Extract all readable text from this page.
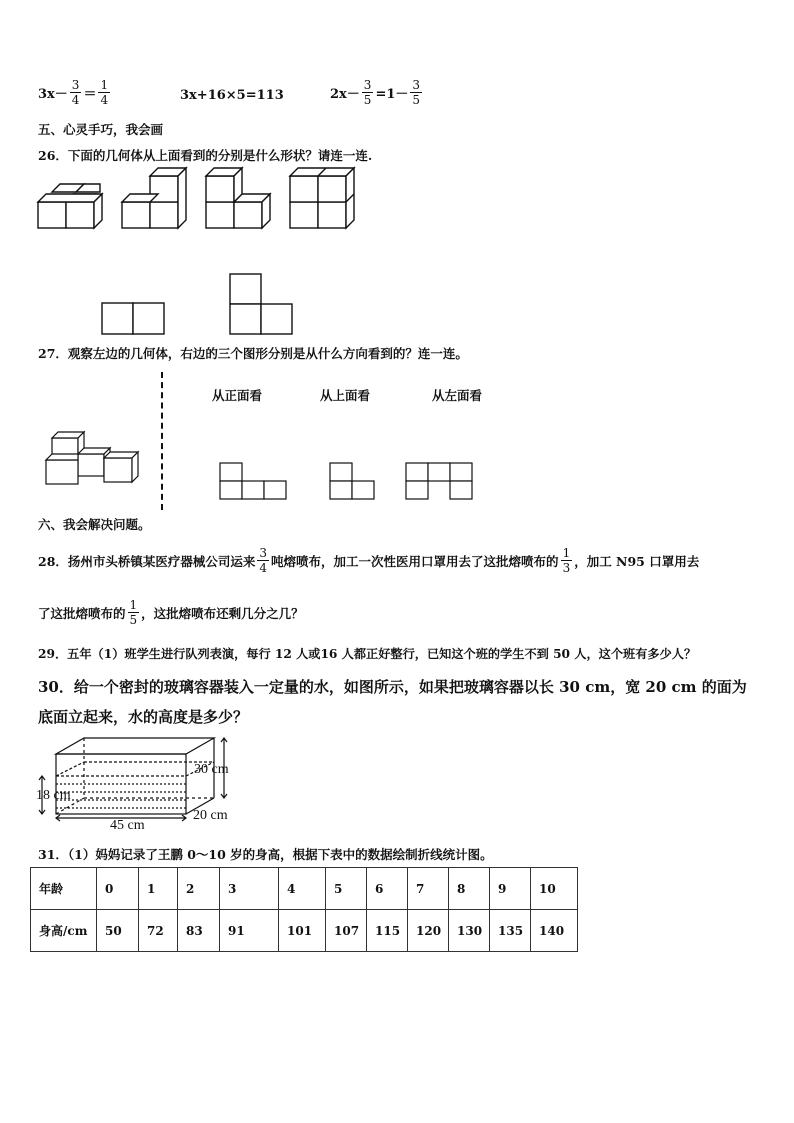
$3x- \frac{3}{4} = \frac{1}{4}$	3x+16×5=113	$2x- \frac{3}{5} =1- \frac{3}{5}$
五、心灵手巧，我会画
26．下面的几何体从上面看到的分别是什么形状？请连一连.
27．观察左边的几何体，右边的三个图形分别是从什么方向看到的？连一连。
从正面看	从上面看	从左面看
六、我会解决问题。
28．扬州市头桥镇某医疗器械公司运来 $\frac{3}{4}$ 吨熔喷布，加工一次性医用口罩用去了这批熔喷布的 $\frac{1}{3}$ ，加工 N95 口罩用去
了这批熔喷布的 $\frac{1}{5}$ ，这批熔喷布还剩几分之几？
29．五年（1）班学生进行队列表演，每行 12 人或16 人都正好整行，已知这个班的学生不到 50 人，这个班有多少人？
30．给一个密封的玻璃容器装入一定量的水，如图所示，如果把玻璃容器以长 30 cm，宽 20 cm 的面为
底面立起来，水的高度是多少？
30 cm
18 cm
45 cm
20 cm
31．（1）妈妈记录了王鹏 0～10 岁的身高，根据下表中的数据绘制折线统计图。
年龄	0	1	2	3	4	5	6	7	8	9	10
身高/cm	50	72	83	91	101	107	115	120	130	135	140
